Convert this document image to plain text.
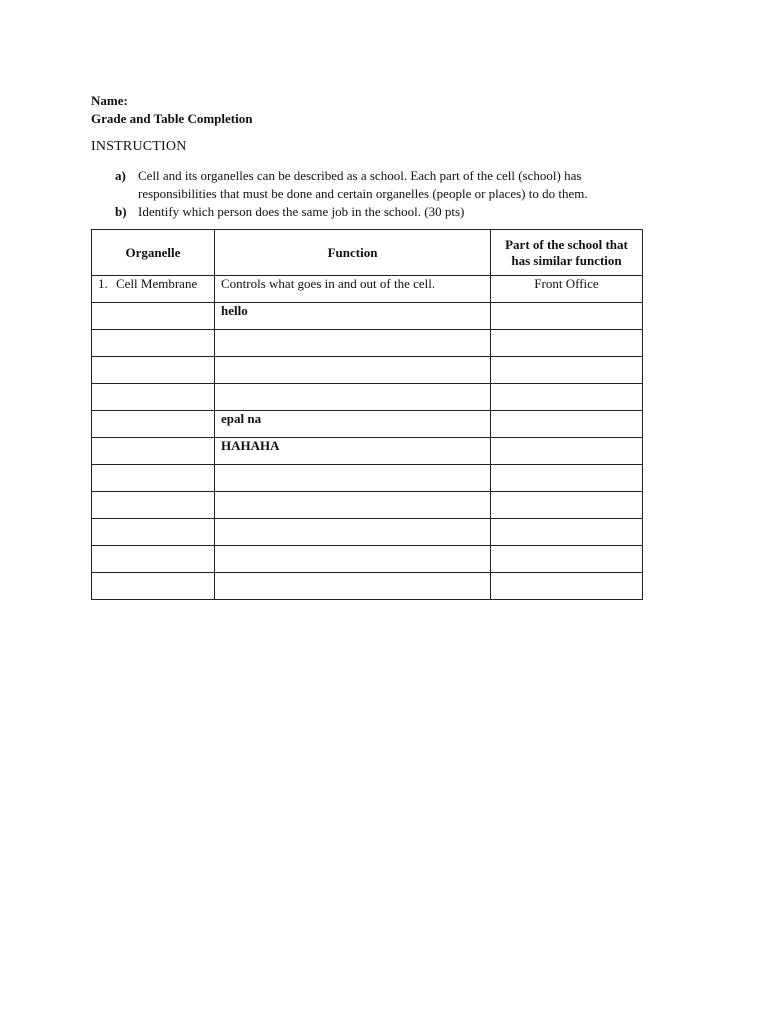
Name:
Grade and Table Completion
INSTRUCTION
a) Cell and its organelles can be described as a school. Each part of the cell (school) has responsibilities that must be done and certain organelles (people or places) to do them.
b) Identify which person does the same job in the school. (30 pts)
Organelle	Function	Part of the school that has similar function
1. Cell Membrane	Controls what goes in and out of the cell.	Front Office
	hello	

	epal na	
	HAHAHA	
